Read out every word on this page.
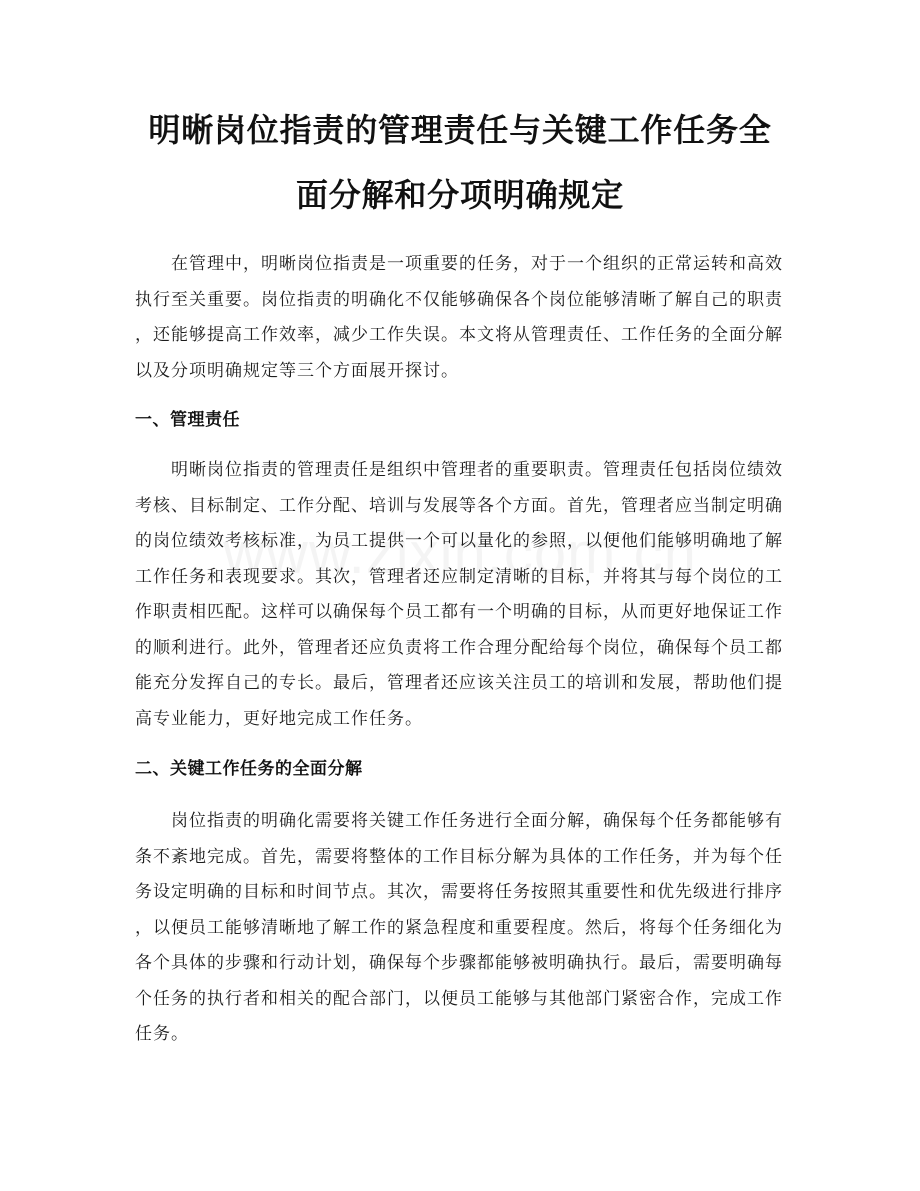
明晰岗位指责的管理责任与关键工作任务全
面分解和分项明确规定
在管理中，明晰岗位指责是一项重要的任务，对于一个组织的正常运转和高效
执行至关重要。岗位指责的明确化不仅能够确保各个岗位能够清晰了解自己的职责
，还能够提高工作效率，减少工作失误。本文将从管理责任、工作任务的全面分解
以及分项明确规定等三个方面展开探讨。
一、管理责任
明晰岗位指责的管理责任是组织中管理者的重要职责。管理责任包括岗位绩效
考核、目标制定、工作分配、培训与发展等各个方面。首先，管理者应当制定明确
的岗位绩效考核标准，为员工提供一个可以量化的参照，以便他们能够明确地了解
工作任务和表现要求。其次，管理者还应制定清晰的目标，并将其与每个岗位的工
作职责相匹配。这样可以确保每个员工都有一个明确的目标，从而更好地保证工作
的顺利进行。此外，管理者还应负责将工作合理分配给每个岗位，确保每个员工都
能充分发挥自己的专长。最后，管理者还应该关注员工的培训和发展，帮助他们提
高专业能力，更好地完成工作任务。
二、关键工作任务的全面分解
岗位指责的明确化需要将关键工作任务进行全面分解，确保每个任务都能够有
条不紊地完成。首先，需要将整体的工作目标分解为具体的工作任务，并为每个任
务设定明确的目标和时间节点。其次，需要将任务按照其重要性和优先级进行排序
，以便员工能够清晰地了解工作的紧急程度和重要程度。然后，将每个任务细化为
各个具体的步骤和行动计划，确保每个步骤都能够被明确执行。最后，需要明确每
个任务的执行者和相关的配合部门，以便员工能够与其他部门紧密合作，完成工作
任务。
